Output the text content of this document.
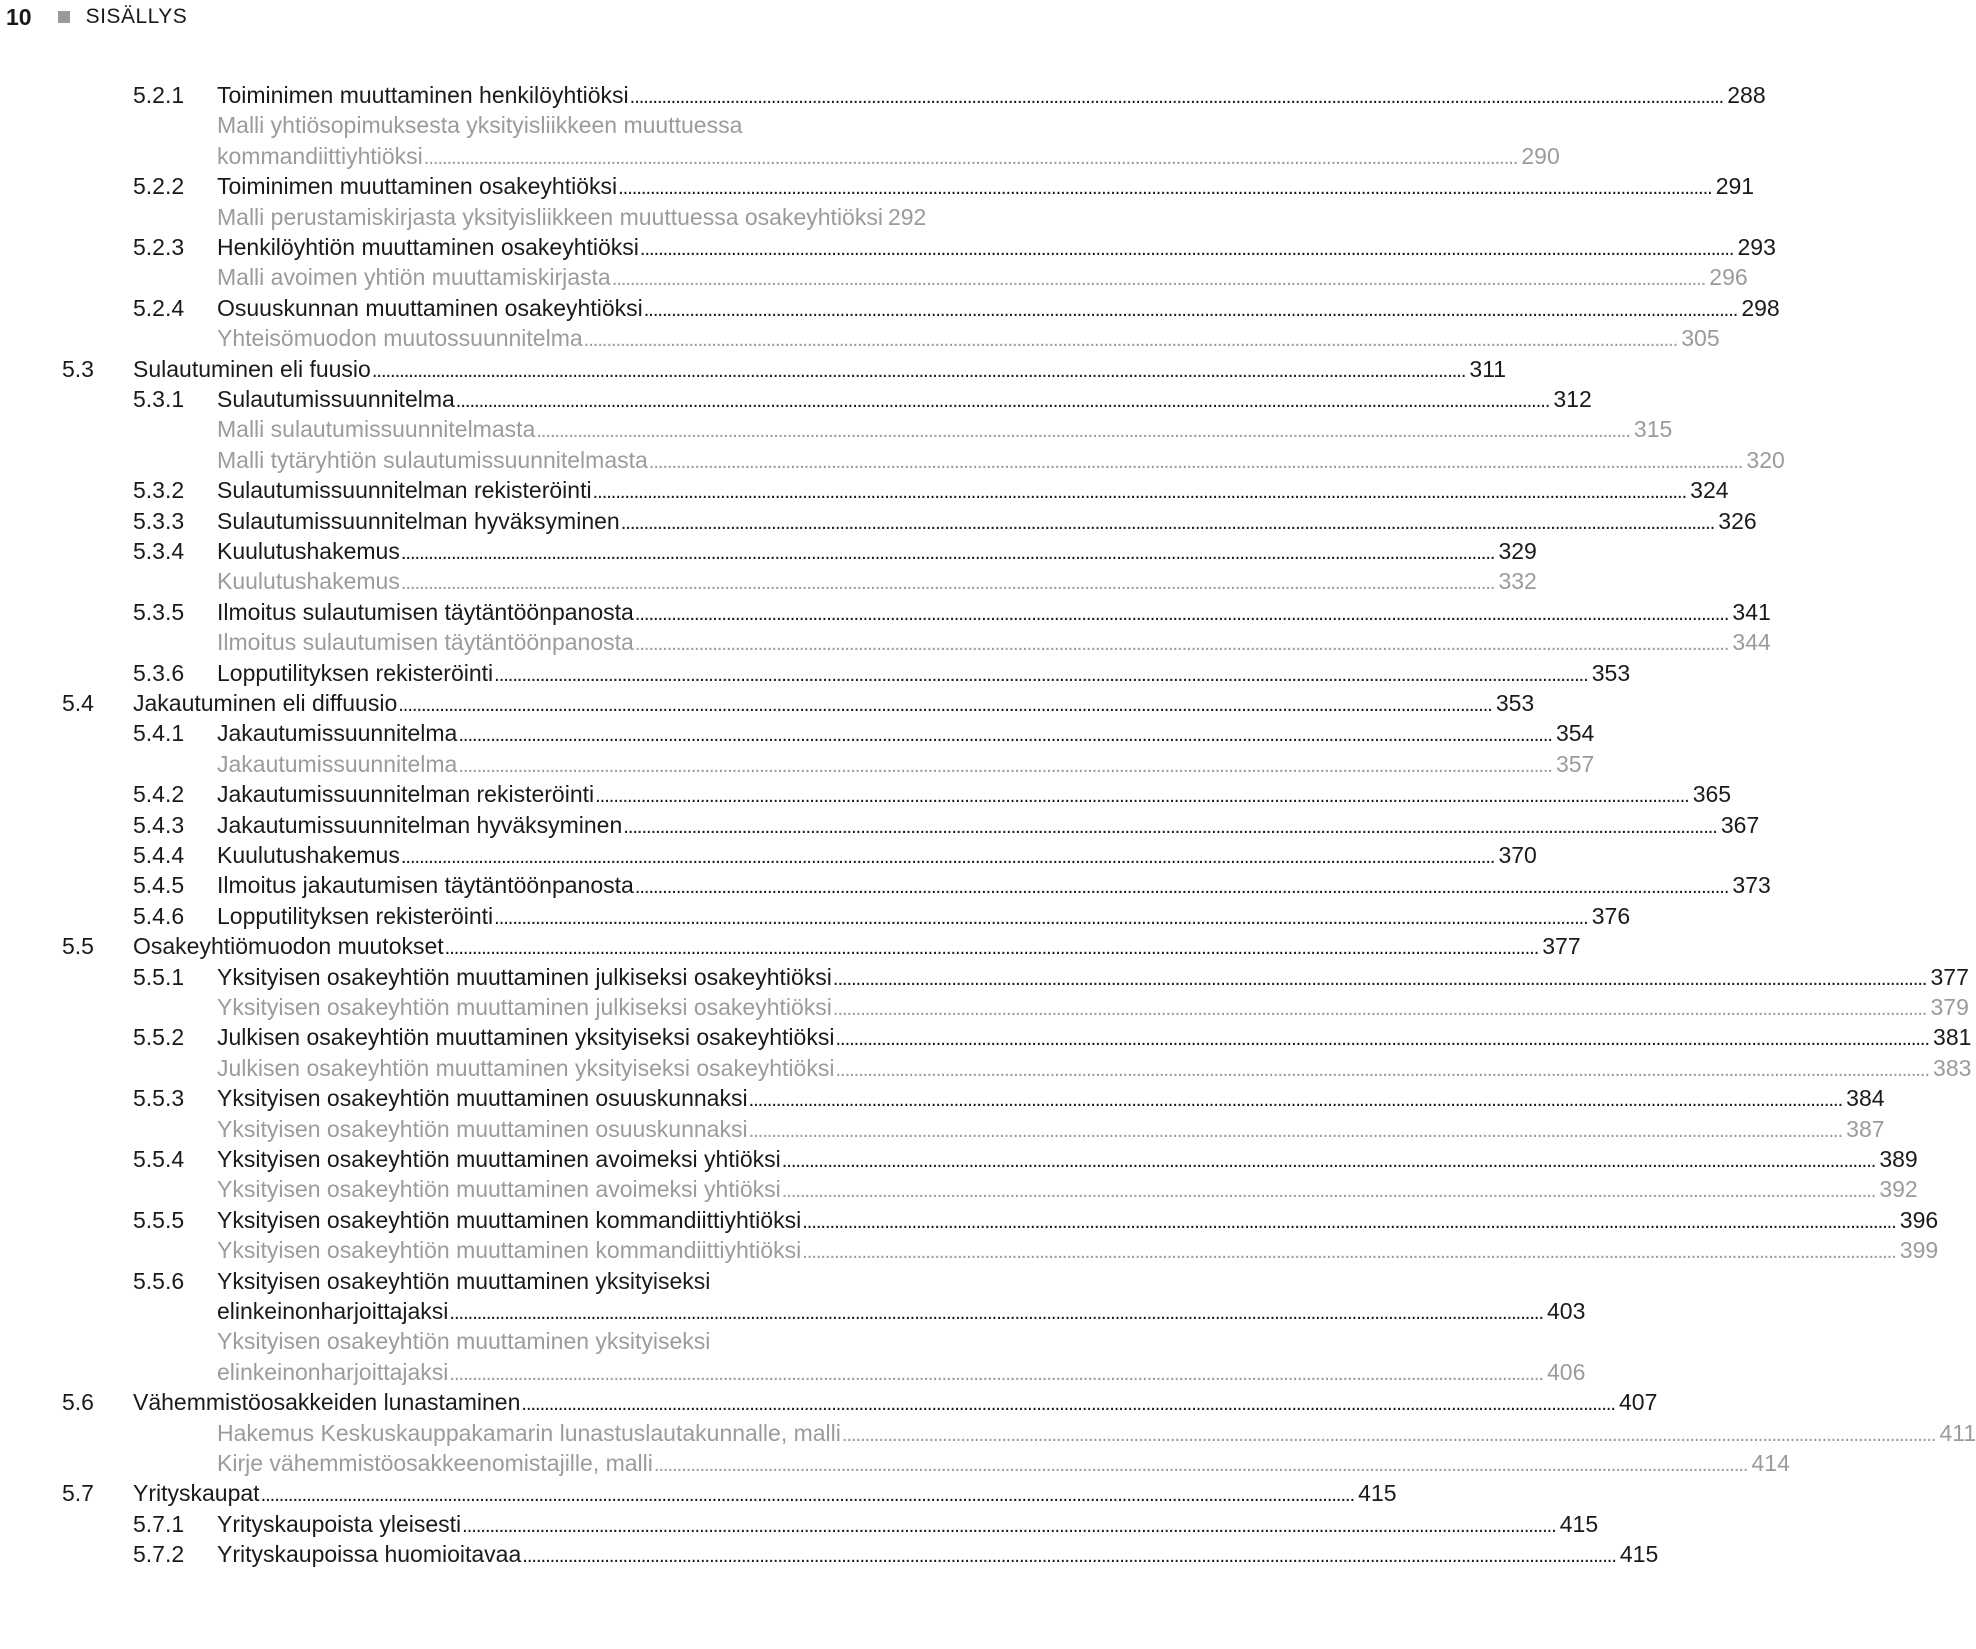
10	SISÄLLYS
5.2.1 Toiminimen muuttaminen henkilöyhtiöksi ................................................................................................................................................................................................................................................ 288
Malli yhtiösopimuksesta yksityisliikkeen muuttuessa
kommandiittiyhtiöksi ................................................................................................................................................................................................................................................ 290
5.2.2 Toiminimen muuttaminen osakeyhtiöksi ................................................................................................................................................................................................................................................ 291
Malli perustamiskirjasta yksityisliikkeen muuttuessa osakeyhtiöksi 292
5.2.3 Henkilöyhtiön muuttaminen osakeyhtiöksi ................................................................................................................................................................................................................................................ 293
Malli avoimen yhtiön muuttamiskirjasta ................................................................................................................................................................................................................................................ 296
5.2.4 Osuuskunnan muuttaminen osakeyhtiöksi ................................................................................................................................................................................................................................................ 298
Yhteisömuodon muutossuunnitelma ................................................................................................................................................................................................................................................ 305
5.3 Sulautuminen eli fuusio ................................................................................................................................................................................................................................................ 311
5.3.1 Sulautumissuunnitelma ................................................................................................................................................................................................................................................ 312
Malli sulautumissuunnitelmasta ................................................................................................................................................................................................................................................ 315
Malli tytäryhtiön sulautumissuunnitelmasta ................................................................................................................................................................................................................................................ 320
5.3.2 Sulautumissuunnitelman rekisteröinti ................................................................................................................................................................................................................................................ 324
5.3.3 Sulautumissuunnitelman hyväksyminen ................................................................................................................................................................................................................................................ 326
5.3.4 Kuulutushakemus ................................................................................................................................................................................................................................................ 329
Kuulutushakemus ................................................................................................................................................................................................................................................ 332
5.3.5 Ilmoitus sulautumisen täytäntöönpanosta ................................................................................................................................................................................................................................................ 341
Ilmoitus sulautumisen täytäntöönpanosta ................................................................................................................................................................................................................................................ 344
5.3.6 Lopputilityksen rekisteröinti ................................................................................................................................................................................................................................................ 353
5.4 Jakautuminen eli diffuusio ................................................................................................................................................................................................................................................ 353
5.4.1 Jakautumissuunnitelma ................................................................................................................................................................................................................................................ 354
Jakautumissuunnitelma ................................................................................................................................................................................................................................................ 357
5.4.2 Jakautumissuunnitelman rekisteröinti ................................................................................................................................................................................................................................................ 365
5.4.3 Jakautumissuunnitelman hyväksyminen ................................................................................................................................................................................................................................................ 367
5.4.4 Kuulutushakemus ................................................................................................................................................................................................................................................ 370
5.4.5 Ilmoitus jakautumisen täytäntöönpanosta ................................................................................................................................................................................................................................................ 373
5.4.6 Lopputilityksen rekisteröinti ................................................................................................................................................................................................................................................ 376
5.5 Osakeyhtiömuodon muutokset ................................................................................................................................................................................................................................................ 377
5.5.1 Yksityisen osakeyhtiön muuttaminen julkiseksi osakeyhtiöksi ................................................................................................................................................................................................................................................ 377
Yksityisen osakeyhtiön muuttaminen julkiseksi osakeyhtiöksi ................................................................................................................................................................................................................................................ 379
5.5.2 Julkisen osakeyhtiön muuttaminen yksityiseksi osakeyhtiöksi ................................................................................................................................................................................................................................................ 381
Julkisen osakeyhtiön muuttaminen yksityiseksi osakeyhtiöksi ................................................................................................................................................................................................................................................ 383
5.5.3 Yksityisen osakeyhtiön muuttaminen osuuskunnaksi ................................................................................................................................................................................................................................................ 384
Yksityisen osakeyhtiön muuttaminen osuuskunnaksi ................................................................................................................................................................................................................................................ 387
5.5.4 Yksityisen osakeyhtiön muuttaminen avoimeksi yhtiöksi ................................................................................................................................................................................................................................................ 389
Yksityisen osakeyhtiön muuttaminen avoimeksi yhtiöksi ................................................................................................................................................................................................................................................ 392
5.5.5 Yksityisen osakeyhtiön muuttaminen kommandiittiyhtiöksi ................................................................................................................................................................................................................................................ 396
Yksityisen osakeyhtiön muuttaminen kommandiittiyhtiöksi ................................................................................................................................................................................................................................................ 399
5.5.6 Yksityisen osakeyhtiön muuttaminen yksityiseksi
elinkeinonharjoittajaksi ................................................................................................................................................................................................................................................ 403
Yksityisen osakeyhtiön muuttaminen yksityiseksi
elinkeinonharjoittajaksi ................................................................................................................................................................................................................................................ 406
5.6 Vähemmistöosakkeiden lunastaminen ................................................................................................................................................................................................................................................ 407
Hakemus Keskuskauppakamarin lunastuslautakunnalle, malli ................................................................................................................................................................................................................................................ 411
Kirje vähemmistöosakkeenomistajille, malli ................................................................................................................................................................................................................................................ 414
5.7 Yrityskaupat ................................................................................................................................................................................................................................................ 415
5.7.1 Yrityskaupoista yleisesti ................................................................................................................................................................................................................................................ 415
5.7.2 Yrityskaupoissa huomioitavaa ................................................................................................................................................................................................................................................ 415
